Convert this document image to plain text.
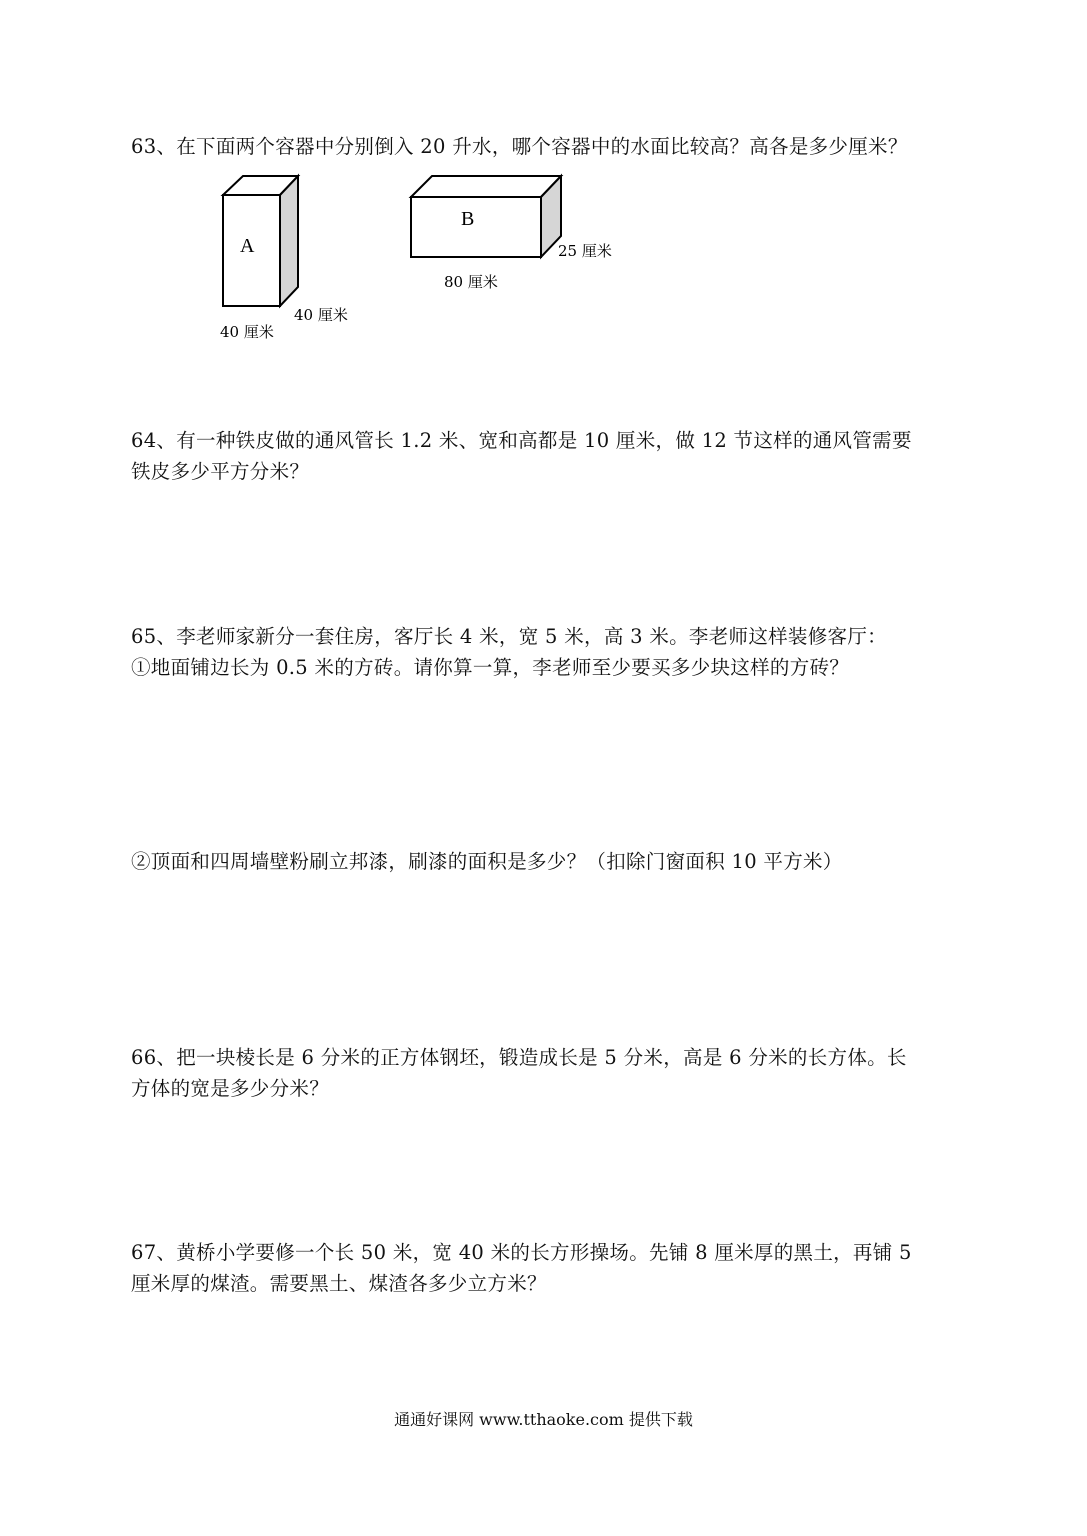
63、在下面两个容器中分别倒入 20 升水，哪个容器中的水面比较高？高各是多少厘米？

A
40 厘米
40 厘米
B
80 厘米
25 厘米

64、有一种铁皮做的通风管长 1.2 米、宽和高都是 10 厘米，做 12 节这样的通风管需要

铁皮多少平方分米？

65、李老师家新分一套住房，客厅长 4 米，宽 5 米，高 3 米。李老师这样装修客厅：

①地面铺边长为 0.5 米的方砖。请你算一算，李老师至少要买多少块这样的方砖？

②顶面和四周墙壁粉刷立邦漆，刷漆的面积是多少？（扣除门窗面积 10 平方米）

66、把一块棱长是 6 分米的正方体钢坯，锻造成长是 5 分米，高是 6 分米的长方体。长

方体的宽是多少分米？

67、黄桥小学要修一个长 50 米，宽 40 米的长方形操场。先铺 8 厘米厚的黑土，再铺 5

厘米厚的煤渣。需要黑土、煤渣各多少立方米？

通通好课网 www.tthaoke.com 提供下载
